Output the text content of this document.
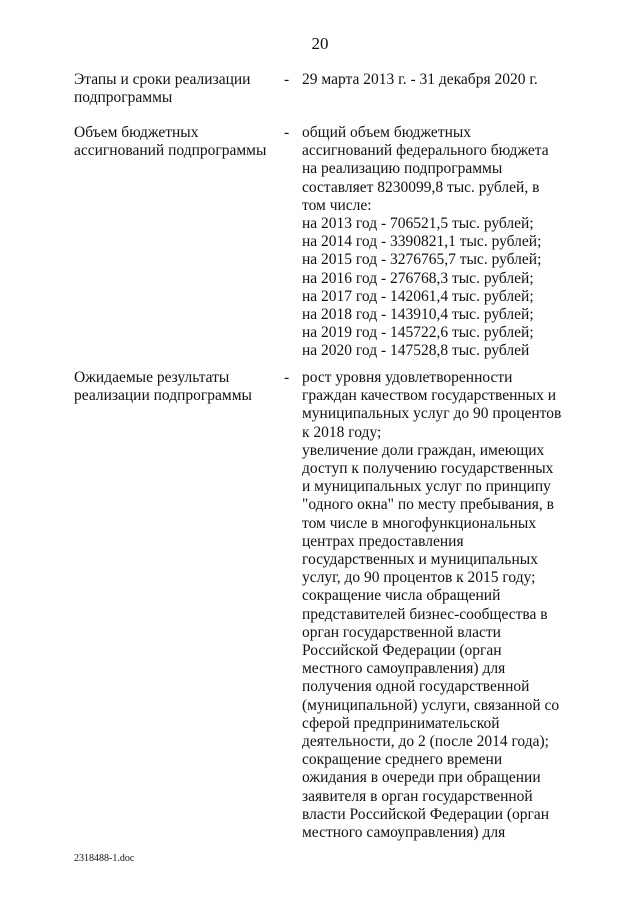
20
Этапы и сроки реализации
подпрограммы
- 29 марта 2013 г. - 31 декабря 2020 г.
Объем бюджетных
ассигнований подпрограммы
- общий объем бюджетных
ассигнований федерального бюджета
на реализацию подпрограммы
составляет 8230099,8 тыс. рублей, в
том числе:
на 2013 год - 706521,5 тыс. рублей;
на 2014 год - 3390821,1 тыс. рублей;
на 2015 год - 3276765,7 тыс. рублей;
на 2016 год - 276768,3 тыс. рублей;
на 2017 год - 142061,4 тыс. рублей;
на 2018 год - 143910,4 тыс. рублей;
на 2019 год - 145722,6 тыс. рублей;
на 2020 год - 147528,8 тыс. рублей
Ожидаемые результаты
реализации подпрограммы
- рост уровня удовлетворенности
граждан качеством государственных и
муниципальных услуг до 90 процентов
к 2018 году;
увеличение доли граждан, имеющих
доступ к получению государственных
и муниципальных услуг по принципу
"одного окна" по месту пребывания, в
том числе в многофункциональных
центрах предоставления
государственных и муниципальных
услуг, до 90 процентов к 2015 году;
сокращение числа обращений
представителей бизнес-сообщества в
орган государственной власти
Российской Федерации (орган
местного самоуправления) для
получения одной государственной
(муниципальной) услуги, связанной со
сферой предпринимательской
деятельности, до 2 (после 2014 года);
сокращение среднего времени
ожидания в очереди при обращении
заявителя в орган государственной
власти Российской Федерации (орган
местного самоуправления) для
2318488-1.doc
